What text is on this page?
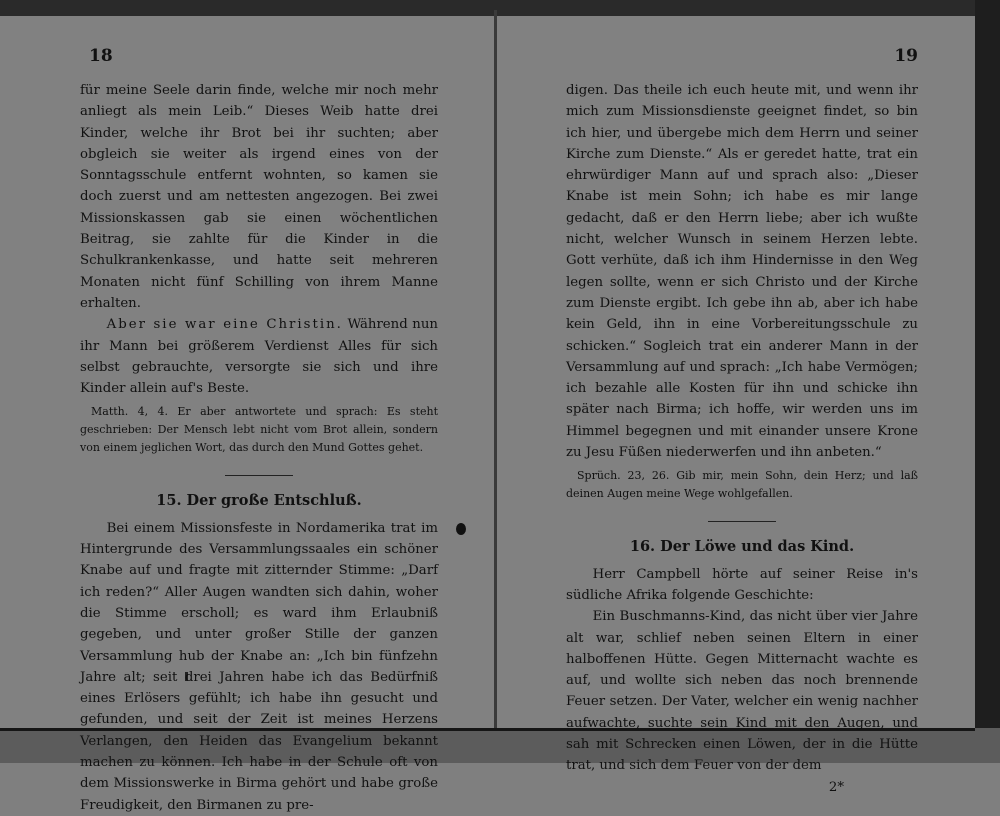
18

für meine Seele darin finde, welche mir noch mehr anliegt als mein Leib.“ Dieses Weib hatte drei Kinder, welche ihr Brot bei ihr suchten; aber obgleich sie weiter als irgend eines von der Sonntagsschule entfernt wohnten, so kamen sie doch zuerst und am nettesten angezogen. Bei zwei Missionskassen gab sie einen wöchentlichen Beitrag, sie zahlte für die Kinder in die Schulkrankenkasse, und hatte seit mehreren Monaten nicht fünf Schilling von ihrem Manne erhalten.

Aber sie war eine Christin. Während nun ihr Mann bei größerem Verdienst Alles für sich selbst gebrauchte, versorgte sie sich und ihre Kinder allein auf's Beste.

Matth. 4, 4. Er aber antwortete und sprach: Es steht geschrieben: Der Mensch lebt nicht vom Brot allein, sondern von einem jeglichen Wort, das durch den Mund Gottes gehet.

15. Der große Entschluß.

Bei einem Missionsfeste in Nordamerika trat im Hintergrunde des Versammlungssaales ein schöner Knabe auf und fragte mit zitternder Stimme: „Darf ich reden?“ Aller Augen wandten sich dahin, woher die Stimme erscholl; es ward ihm Erlaubniß gegeben, und unter großer Stille der ganzen Versammlung hub der Knabe an: „Ich bin fünfzehn Jahre alt; seit drei Jahren habe ich das Bedürfniß eines Erlösers gefühlt; ich habe ihn gesucht und gefunden, und seit der Zeit ist meines Herzens Verlangen, den Heiden das Evangelium bekannt machen zu können. Ich habe in der Schule oft von dem Missionswerke in Birma gehört und habe große Freudigkeit, den Birmanen zu pre-

19

digen. Das theile ich euch heute mit, und wenn ihr mich zum Missionsdienste geeignet findet, so bin ich hier, und übergebe mich dem Herrn und seiner Kirche zum Dienste.“ Als er geredet hatte, trat ein ehrwürdiger Mann auf und sprach also: „Dieser Knabe ist mein Sohn; ich habe es mir lange gedacht, daß er den Herrn liebe; aber ich wußte nicht, welcher Wunsch in seinem Herzen lebte. Gott verhüte, daß ich ihm Hindernisse in den Weg legen sollte, wenn er sich Christo und der Kirche zum Dienste ergibt. Ich gebe ihn ab, aber ich habe kein Geld, ihn in eine Vorbereitungsschule zu schicken.“ Sogleich trat ein anderer Mann in der Versammlung auf und sprach: „Ich habe Vermögen; ich bezahle alle Kosten für ihn und schicke ihn später nach Birma; ich hoffe, wir werden uns im Himmel begegnen und mit einander unsere Krone zu Jesu Füßen niederwerfen und ihn anbeten.“

Sprüch. 23, 26. Gib mir, mein Sohn, dein Herz; und laß deinen Augen meine Wege wohlgefallen.

16. Der Löwe und das Kind.

Herr Campbell hörte auf seiner Reise in's südliche Afrika folgende Geschichte:

Ein Buschmanns-Kind, das nicht über vier Jahre alt war, schlief neben seinen Eltern in einer halboffenen Hütte. Gegen Mitternacht wachte es auf, und wollte sich neben das noch brennende Feuer setzen. Der Vater, welcher ein wenig nachher aufwachte, suchte sein Kind mit den Augen, und sah mit Schrecken einen Löwen, der in die Hütte trat, und sich dem Feuer von der dem

2*
